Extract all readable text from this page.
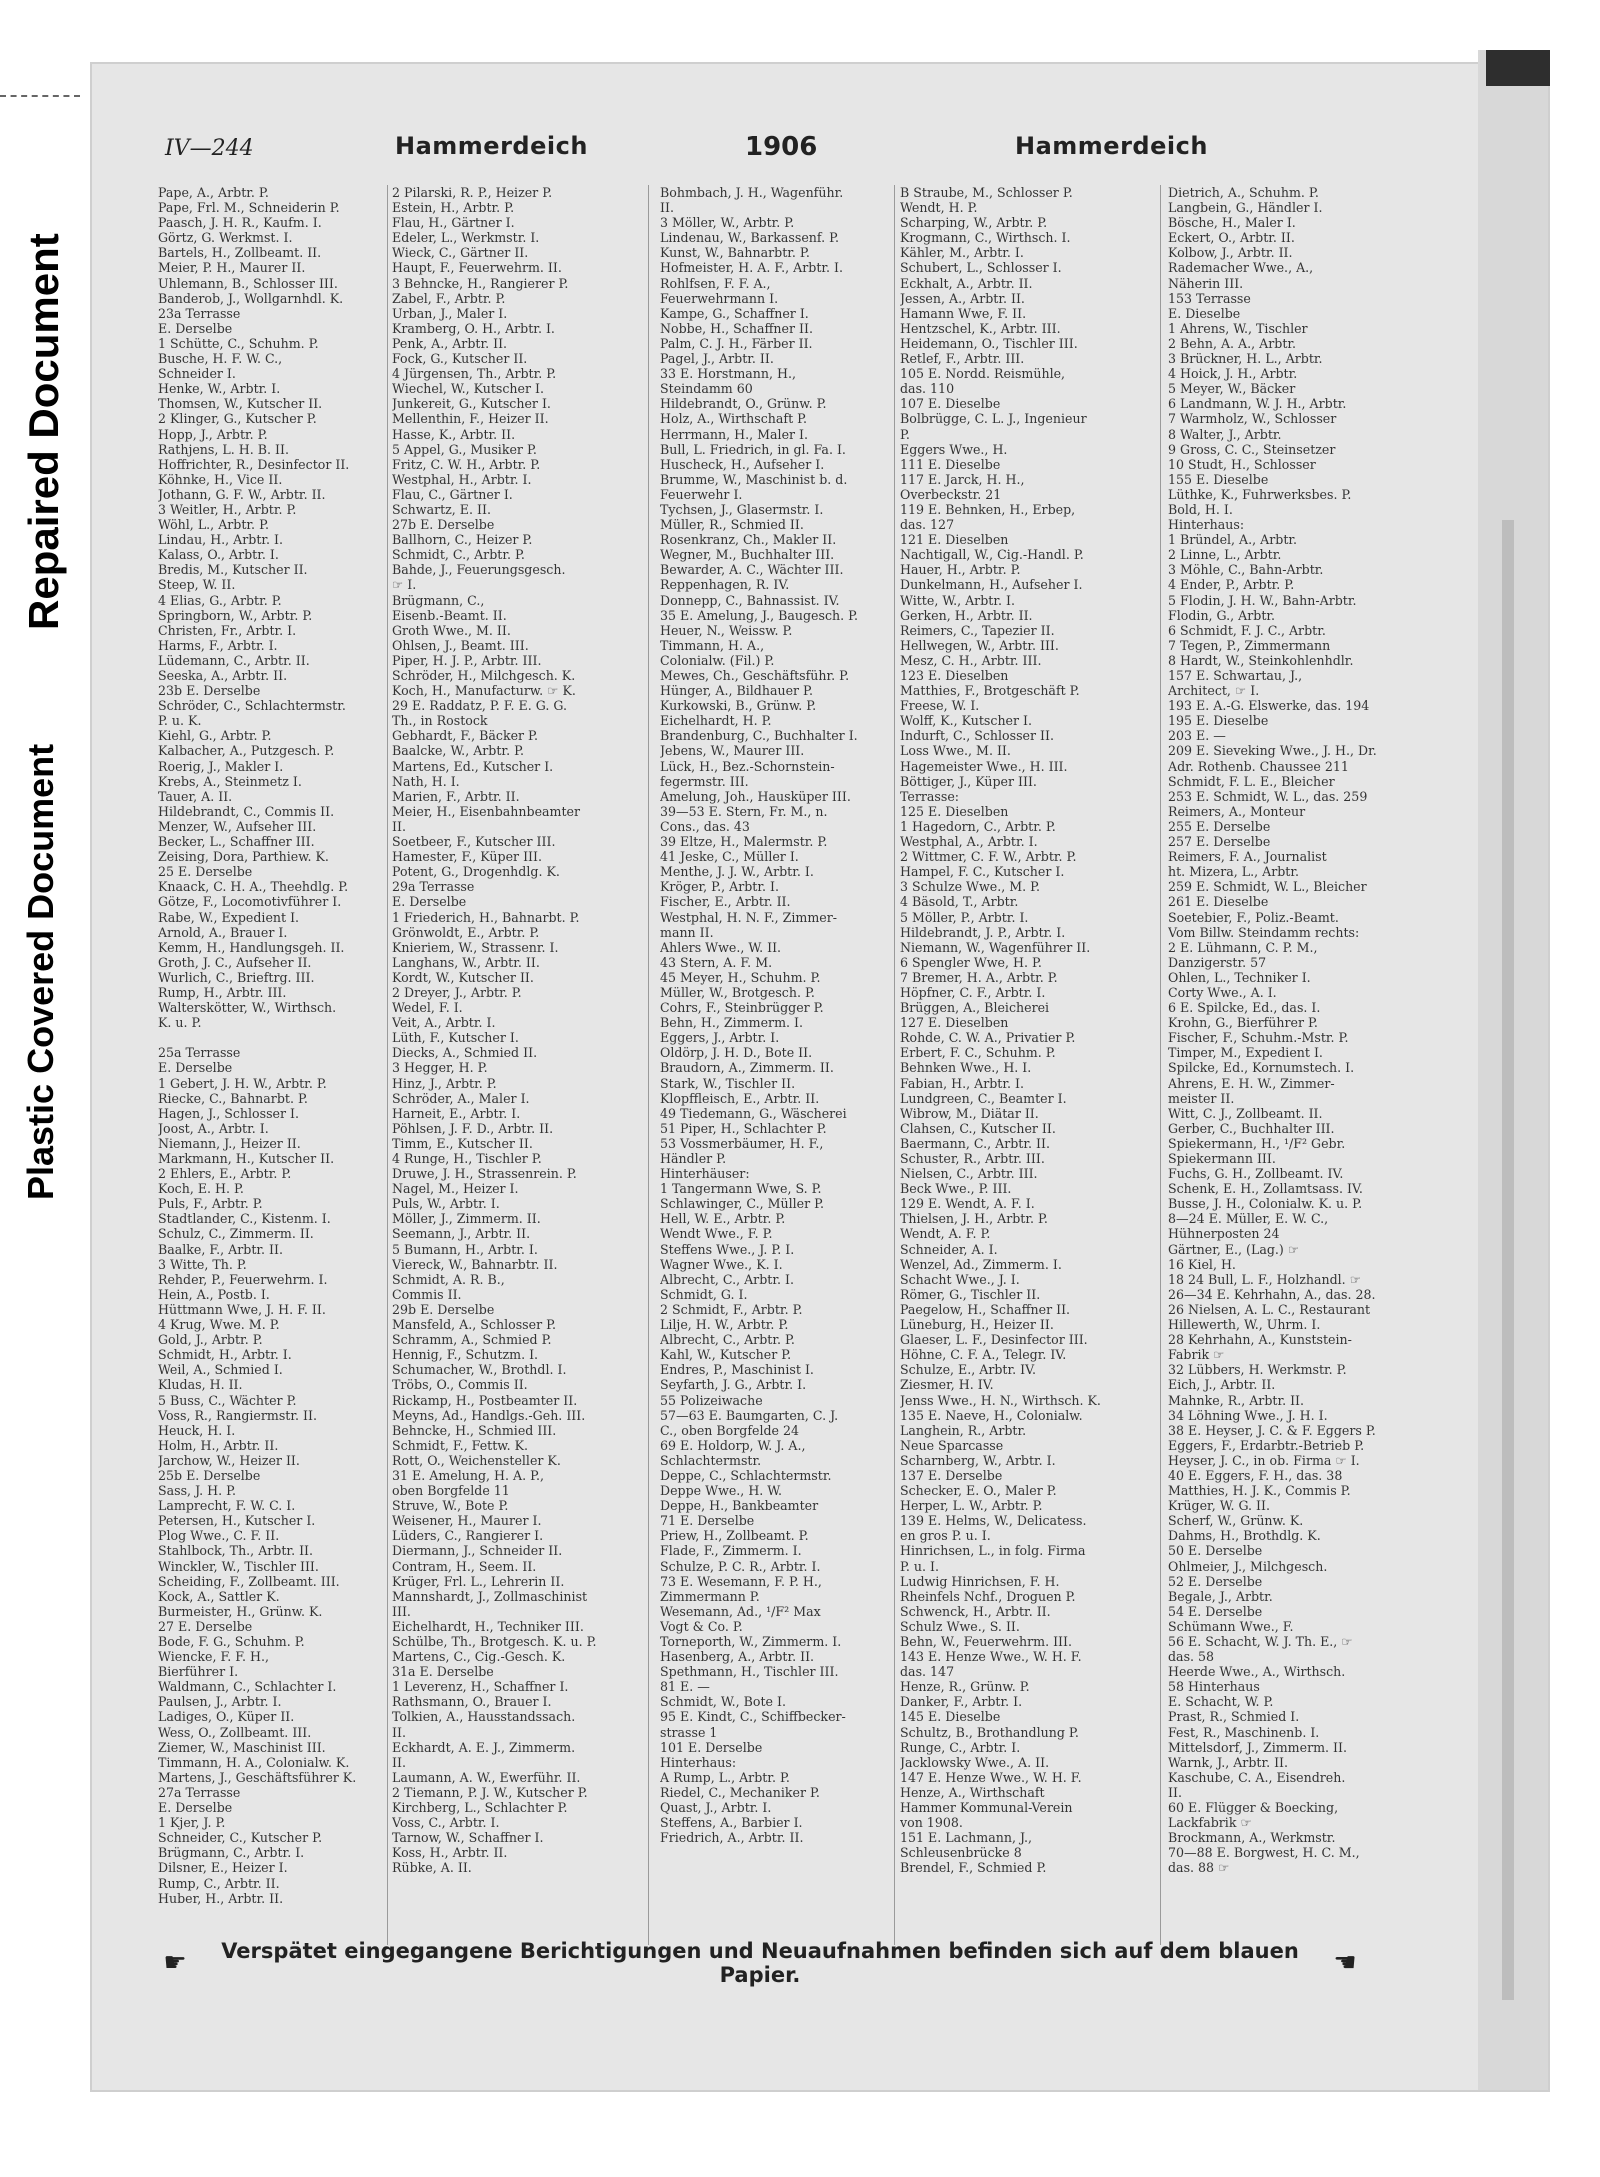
Repaired Document
Plastic Covered Document
IV—244	Hammerdeich	1906	Hammerdeich
Pape, A., Arbtr. P.
Pape, Frl. M., Schneiderin P.
Paasch, J. H. R., Kaufm. I.
Görtz, G. Werkmst. I.
Bartels, H., Zollbeamt. II.
Meier, P. H., Maurer II.
Uhlemann, B., Schlosser III.
Banderob, J., Wollgarnhdl. K.
23a Terrasse
E. Derselbe
1 Schütte, C., Schuhm. P.
Busche, H. F. W. C.,
Schneider I.
Henke, W., Arbtr. I.
Thomsen, W., Kutscher II.
2 Klinger, G., Kutscher P.
Hopp, J., Arbtr. P.
Rathjens, L. H. B. II.
Hoffrichter, R., Desinfector II.
Köhnke, H., Vice II.
Jothann, G. F. W., Arbtr. II.
3 Weitler, H., Arbtr. P.
Wöhl, L., Arbtr. P.
Lindau, H., Arbtr. I.
Kalass, O., Arbtr. I.
Bredis, M., Kutscher II.
Steep, W. II.
4 Elias, G., Arbtr. P.
Springborn, W., Arbtr. P.
Christen, Fr., Arbtr. I.
Harms, F., Arbtr. I.
Lüdemann, C., Arbtr. II.
Seeska, A., Arbtr. II.
23b E. Derselbe
Schröder, C., Schlachtermstr.
P. u. K.
Kiehl, G., Arbtr. P.
Kalbacher, A., Putzgesch. P.
Roerig, J., Makler I.
Krebs, A., Steinmetz I.
Tauer, A. II.
Hildebrandt, C., Commis II.
Menzer, W., Aufseher III.
Becker, L., Schaffner III.
Zeising, Dora, Parthiew. K.
25 E. Derselbe
Knaack, C. H. A., Theehdlg. P.
Götze, F., Locomotivführer I.
Rabe, W., Expedient I.
Arnold, A., Brauer I.
Kemm, H., Handlungsgeh. II.
Groth, J. C., Aufseher II.
Wurlich, C., Brieftrg. III.
Rump, H., Arbtr. III.
Walterskötter, W., Wirthsch.
K. u. P.

25a Terrasse
E. Derselbe
1 Gebert, J. H. W., Arbtr. P.
Riecke, C., Bahnarbt. P.
Hagen, J., Schlosser I.
Joost, A., Arbtr. I.
Niemann, J., Heizer II.
Markmann, H., Kutscher II.
2 Ehlers, E., Arbtr. P.
Koch, E. H. P.
Puls, F., Arbtr. P.
Stadtlander, C., Kistenm. I.
Schulz, C., Zimmerm. II.
Baalke, F., Arbtr. II.
3 Witte, Th. P.
Rehder, P., Feuerwehrm. I.
Hein, A., Postb. I.
Hüttmann Wwe, J. H. F. II.
4 Krug, Wwe. M. P.
Gold, J., Arbtr. P.
Schmidt, H., Arbtr. I.
Weil, A., Schmied I.
Kludas, H. II.
5 Buss, C., Wächter P.
Voss, R., Rangiermstr. II.
Heuck, H. I.
Holm, H., Arbtr. II.
Jarchow, W., Heizer II.
25b E. Derselbe
Sass, J. H. P.
Lamprecht, F. W. C. I.
Petersen, H., Kutscher I.
Plog Wwe., C. F. II.
Stahlbock, Th., Arbtr. II.
Winckler, W., Tischler III.
Scheiding, F., Zollbeamt. III.
Kock, A., Sattler K.
Burmeister, H., Grünw. K.
27 E. Derselbe
Bode, F. G., Schuhm. P.
Wiencke, F. F. H.,
Bierführer I.
Waldmann, C., Schlachter I.
Paulsen, J., Arbtr. I.
Ladiges, O., Küper II.
Wess, O., Zollbeamt. III.
Ziemer, W., Maschinist III.
Timmann, H. A., Colonialw. K.
Martens, J., Geschäftsführer K.
27a Terrasse
E. Derselbe
1 Kjer, J. P.
Schneider, C., Kutscher P.
Brügmann, C., Arbtr. I.
Dilsner, E., Heizer I.
Rump, C., Arbtr. II.
Huber, H., Arbtr. II.
2 Pilarski, R. P., Heizer P.
Estein, H., Arbtr. P.
Flau, H., Gärtner I.
Edeler, L., Werkmstr. I.
Wieck, C., Gärtner II.
Haupt, F., Feuerwehrm. II.
3 Behncke, H., Rangierer P.
Zabel, F., Arbtr. P.
Urban, J., Maler I.
Kramberg, O. H., Arbtr. I.
Penk, A., Arbtr. II.
Fock, G., Kutscher II.
4 Jürgensen, Th., Arbtr. P.
Wiechel, W., Kutscher I.
Junkereit, G., Kutscher I.
Mellenthin, F., Heizer II.
Hasse, K., Arbtr. II.
5 Appel, G., Musiker P.
Fritz, C. W. H., Arbtr. P.
Westphal, H., Arbtr. I.
Flau, C., Gärtner I.
Schwartz, E. II.
27b E. Derselbe
Ballhorn, C., Heizer P.
Schmidt, C., Arbtr. P.
Bahde, J., Feuerungsgesch.
☞ I.
Brügmann, C.,
Eisenb.-Beamt. II.
Groth Wwe., M. II.
Ohlsen, J., Beamt. III.
Piper, H. J. P., Arbtr. III.
Schröder, H., Milchgesch. K.
Koch, H., Manufacturw. ☞ K.
29 E. Raddatz, P. F. E. G. G.
Th., in Rostock
Gebhardt, F., Bäcker P.
Baalcke, W., Arbtr. P.
Martens, Ed., Kutscher I.
Nath, H. I.
Marien, F., Arbtr. II.
Meier, H., Eisenbahnbeamter
II.
Soetbeer, F., Kutscher III.
Hamester, F., Küper III.
Potent, G., Drogenhdlg. K.
29a Terrasse
E. Derselbe
1 Friederich, H., Bahnarbt. P.
Grönwoldt, E., Arbtr. P.
Knieriem, W., Strassenr. I.
Langhans, W., Arbtr. II.
Kordt, W., Kutscher II.
2 Dreyer, J., Arbtr. P.
Wedel, F. I.
Veit, A., Arbtr. I.
Lüth, F., Kutscher I.
Diecks, A., Schmied II.
3 Hegger, H. P.
Hinz, J., Arbtr. P.
Schröder, A., Maler I.
Harneit, E., Arbtr. I.
Pöhlsen, J. F. D., Arbtr. II.
Timm, E., Kutscher II.
4 Runge, H., Tischler P.
Druwe, J. H., Strassenrein. P.
Nagel, M., Heizer I.
Puls, W., Arbtr. I.
Möller, J., Zimmerm. II.
Seemann, J., Arbtr. II.
5 Bumann, H., Arbtr. I.
Viereck, W., Bahnarbtr. II.
Schmidt, A. R. B.,
Commis II.
29b E. Derselbe
Mansfeld, A., Schlosser P.
Schramm, A., Schmied P.
Hennig, F., Schutzm. I.
Schumacher, W., Brothdl. I.
Tröbs, O., Commis II.
Rickamp, H., Postbeamter II.
Meyns, Ad., Handlgs.-Geh. III.
Behncke, H., Schmied III.
Schmidt, F., Fettw. K.
Rott, O., Weichensteller K.
31 E. Amelung, H. A. P.,
oben Borgfelde 11
Struve, W., Bote P.
Weisener, H., Maurer I.
Lüders, C., Rangierer I.
Diermann, J., Schneider II.
Contram, H., Seem. II.
Krüger, Frl. L., Lehrerin II.
Mannshardt, J., Zollmaschinist
III.
Eichelhardt, H., Techniker III.
Schülbe, Th., Brotgesch. K. u. P.
Martens, C., Cig.-Gesch. K.
31a E. Derselbe
1 Leverenz, H., Schaffner I.
Rathsmann, O., Brauer I.
Tolkien, A., Hausstandssach.
II.
Eckhardt, A. E. J., Zimmerm.
II.
Laumann, A. W., Ewerführ. II.
2 Tiemann, P. J. W., Kutscher P.
Kirchberg, L., Schlachter P.
Voss, C., Arbtr. I.
Tarnow, W., Schaffner I.
Koss, H., Arbtr. II.
Rübke, A. II.
Bohmbach, J. H., Wagenführ.
II.
3 Möller, W., Arbtr. P.
Lindenau, W., Barkassenf. P.
Kunst, W., Bahnarbtr. P.
Hofmeister, H. A. F., Arbtr. I.
Rohlfsen, F. F. A.,
Feuerwehrmann I.
Kampe, G., Schaffner I.
Nobbe, H., Schaffner II.
Palm, C. J. H., Färber II.
Pagel, J., Arbtr. II.
33 E. Horstmann, H.,
Steindamm 60
Hildebrandt, O., Grünw. P.
Holz, A., Wirthschaft P.
Herrmann, H., Maler I.
Bull, L. Friedrich, in gl. Fa. I.
Huscheck, H., Aufseher I.
Brumme, W., Maschinist b. d.
Feuerwehr I.
Tychsen, J., Glasermstr. I.
Müller, R., Schmied II.
Rosenkranz, Ch., Makler II.
Wegner, M., Buchhalter III.
Bewarder, A. C., Wächter III.
Reppenhagen, R. IV.
Donnepp, C., Bahnassist. IV.
35 E. Amelung, J., Baugesch. P.
Heuer, N., Weissw. P.
Timmann, H. A.,
Colonialw. (Fil.) P.
Mewes, Ch., Geschäftsführ. P.
Hünger, A., Bildhauer P.
Kurkowski, B., Grünw. P.
Eichelhardt, H. P.
Brandenburg, C., Buchhalter I.
Jebens, W., Maurer III.
Lück, H., Bez.-Schornstein-
fegermstr. III.
Amelung, Joh., Hausküper III.
39—53 E. Stern, Fr. M., n.
Cons., das. 43
39 Eltze, H., Malermstr. P.
41 Jeske, C., Müller I.
Menthe, J. J. W., Arbtr. I.
Kröger, P., Arbtr. I.
Fischer, E., Arbtr. II.
Westphal, H. N. F., Zimmer-
mann II.
Ahlers Wwe., W. II.
43 Stern, A. F. M.
45 Meyer, H., Schuhm. P.
Müller, W., Brotgesch. P.
Cohrs, F., Steinbrügger P.
Behn, H., Zimmerm. I.
Eggers, J., Arbtr. I.
Oldörp, J. H. D., Bote II.
Braudorn, A., Zimmerm. II.
Stark, W., Tischler II.
Klopffleisch, E., Arbtr. II.
49 Tiedemann, G., Wäscherei
51 Piper, H., Schlachter P.
53 Vossmerbäumer, H. F.,
Händler P.
Hinterhäuser:
1 Tangermann Wwe, S. P.
Schlawinger, C., Müller P.
Hell, W. E., Arbtr. P.
Wendt Wwe., F. P.
Steffens Wwe., J. P. I.
Wagner Wwe., K. I.
Albrecht, C., Arbtr. I.
Schmidt, G. I.
2 Schmidt, F., Arbtr. P.
Lilje, H. W., Arbtr. P.
Albrecht, C., Arbtr. P.
Kahl, W., Kutscher P.
Endres, P., Maschinist I.
Seyfarth, J. G., Arbtr. I.
55 Polizeiwache
57—63 E. Baumgarten, C. J.
C., oben Borgfelde 24
69 E. Holdorp, W. J. A.,
Schlachtermstr.
Deppe, C., Schlachtermstr.
Deppe Wwe., H. W.
Deppe, H., Bankbeamter
71 E. Derselbe
Priew, H., Zollbeamt. P.
Flade, F., Zimmerm. I.
Schulze, P. C. R., Arbtr. I.
73 E. Wesemann, F. P. H.,
Zimmermann P.
Wesemann, Ad., ¹/F² Max
Vogt & Co. P.
Torneporth, W., Zimmerm. I.
Hasenberg, A., Arbtr. II.
Spethmann, H., Tischler III.
81 E. —
Schmidt, W., Bote I.
95 E. Kindt, C., Schiffbecker-
strasse 1
101 E. Derselbe
Hinterhaus:
A Rump, L., Arbtr. P.
Riedel, C., Mechaniker P.
Quast, J., Arbtr. I.
Steffens, A., Barbier I.
Friedrich, A., Arbtr. II.
B Straube, M., Schlosser P.
Wendt, H. P.
Scharping, W., Arbtr. P.
Krogmann, C., Wirthsch. I.
Kähler, M., Arbtr. I.
Schubert, L., Schlosser I.
Eckhalt, A., Arbtr. II.
Jessen, A., Arbtr. II.
Hamann Wwe, F. II.
Hentzschel, K., Arbtr. III.
Heidemann, O., Tischler III.
Retlef, F., Arbtr. III.
105 E. Nordd. Reismühle,
das. 110
107 E. Dieselbe
Bolbrügge, C. L. J., Ingenieur
P.
Eggers Wwe., H.
111 E. Dieselbe
117 E. Jarck, H. H.,
Overbeckstr. 21
119 E. Behnken, H., Erbep,
das. 127
121 E. Dieselben
Nachtigall, W., Cig.-Handl. P.
Hauer, H., Arbtr. P.
Dunkelmann, H., Aufseher I.
Witte, W., Arbtr. I.
Gerken, H., Arbtr. II.
Reimers, C., Tapezier II.
Hellwegen, W., Arbtr. III.
Mesz, C. H., Arbtr. III.
123 E. Dieselben
Matthies, F., Brotgeschäft P.
Freese, W. I.
Wolff, K., Kutscher I.
Indurft, C., Schlosser II.
Loss Wwe., M. II.
Hagemeister Wwe., H. III.
Böttiger, J., Küper III.
Terrasse:
125 E. Dieselben
1 Hagedorn, C., Arbtr. P.
Westphal, A., Arbtr. I.
2 Wittmer, C. F. W., Arbtr. P.
Hampel, F. C., Kutscher I.
3 Schulze Wwe., M. P.
4 Bäsold, T., Arbtr.
5 Möller, P., Arbtr. I.
Hildebrandt, J. P., Arbtr. I.
Niemann, W., Wagenführer II.
6 Spengler Wwe, H. P.
7 Bremer, H. A., Arbtr. P.
Höpfner, C. F., Arbtr. I.
Brüggen, A., Bleicherei
127 E. Dieselben
Rohde, C. W. A., Privatier P.
Erbert, F. C., Schuhm. P.
Behnken Wwe., H. I.
Fabian, H., Arbtr. I.
Lundgreen, C., Beamter I.
Wibrow, M., Diätar II.
Clahsen, C., Kutscher II.
Baermann, C., Arbtr. II.
Schuster, R., Arbtr. III.
Nielsen, C., Arbtr. III.
Beck Wwe., P. III.
129 E. Wendt, A. F. I.
Thielsen, J. H., Arbtr. P.
Wendt, A. F. P.
Schneider, A. I.
Wenzel, Ad., Zimmerm. I.
Schacht Wwe., J. I.
Römer, G., Tischler II.
Paegelow, H., Schaffner II.
Lüneburg, H., Heizer II.
Glaeser, L. F., Desinfector III.
Höhne, C. F. A., Telegr. IV.
Schulze, E., Arbtr. IV.
Ziesmer, H. IV.
Jenss Wwe., H. N., Wirthsch. K.
135 E. Naeve, H., Colonialw.
Langhein, R., Arbtr.
Neue Sparcasse
Scharnberg, W., Arbtr. I.
137 E. Derselbe
Schecker, E. O., Maler P.
Herper, L. W., Arbtr. P.
139 E. Helms, W., Delicatess.
en gros P. u. I.
Hinrichsen, L., in folg. Firma
P. u. I.
Ludwig Hinrichsen, F. H.
Rheinfels Nchf., Droguen P.
Schwenck, H., Arbtr. II.
Schulz Wwe., S. II.
Behn, W., Feuerwehrm. III.
143 E. Henze Wwe., W. H. F.
das. 147
Henze, R., Grünw. P.
Danker, F., Arbtr. I.
145 E. Dieselbe
Schultz, B., Brothandlung P.
Runge, C., Arbtr. I.
Jacklowsky Wwe., A. II.
147 E. Henze Wwe., W. H. F.
Henze, A., Wirthschaft
Hammer Kommunal-Verein
von 1908.
151 E. Lachmann, J.,
Schleusenbrücke 8
Brendel, F., Schmied P.
Dietrich, A., Schuhm. P.
Langbein, G., Händler I.
Bösche, H., Maler I.
Eckert, O., Arbtr. II.
Kolbow, J., Arbtr. II.
Rademacher Wwe., A.,
Näherin III.
153 Terrasse
E. Dieselbe
1 Ahrens, W., Tischler
2 Behn, A. A., Arbtr.
3 Brückner, H. L., Arbtr.
4 Hoick, J. H., Arbtr.
5 Meyer, W., Bäcker
6 Landmann, W. J. H., Arbtr.
7 Warmholz, W., Schlosser
8 Walter, J., Arbtr.
9 Gross, C. C., Steinsetzer
10 Studt, H., Schlosser
155 E. Dieselbe
Lüthke, K., Fuhrwerksbes. P.
Bold, H. I.
Hinterhaus:
1 Bründel, A., Arbtr.
2 Linne, L., Arbtr.
3 Möhle, C., Bahn-Arbtr.
4 Ender, P., Arbtr. P.
5 Flodin, J. H. W., Bahn-Arbtr.
Flodin, G., Arbtr.
6 Schmidt, F. J. C., Arbtr.
7 Tegen, P., Zimmermann
8 Hardt, W., Steinkohlenhdlr.
157 E. Schwartau, J.,
Architect, ☞ I.
193 E. A.-G. Elswerke, das. 194
195 E. Dieselbe
203 E. —
209 E. Sieveking Wwe., J. H., Dr.
Adr. Rothenb. Chaussee 211
Schmidt, F. L. E., Bleicher
253 E. Schmidt, W. L., das. 259
Reimers, A., Monteur
255 E. Derselbe
257 E. Derselbe
Reimers, F. A., Journalist
ht. Mizera, L., Arbtr.
259 E. Schmidt, W. L., Bleicher
261 E. Dieselbe
Soetebier, F., Poliz.-Beamt.
Vom Billw. Steindamm rechts:
2 E. Lühmann, C. P. M.,
Danzigerstr. 57
Ohlen, L., Techniker I.
Corty Wwe., A. I.
6 E. Spilcke, Ed., das. I.
Krohn, G., Bierführer P.
Fischer, F., Schuhm.-Mstr. P.
Timper, M., Expedient I.
Spilcke, Ed., Kornumstech. I.
Ahrens, E. H. W., Zimmer-
meister II.
Witt, C. J., Zollbeamt. II.
Gerber, C., Buchhalter III.
Spiekermann, H., ¹/F² Gebr.
Spiekermann III.
Fuchs, G. H., Zollbeamt. IV.
Schenk, E. H., Zollamtsass. IV.
Busse, J. H., Colonialw. K. u. P.
8—24 E. Müller, E. W. C.,
Hühnerposten 24
Gärtner, E., (Lag.) ☞
16 Kiel, H.
18 24 Bull, L. F., Holzhandl. ☞
26—34 E. Kehrhahn, A., das. 28.
26 Nielsen, A. L. C., Restaurant
Hillewerth, W., Uhrm. I.
28 Kehrhahn, A., Kunststein-
Fabrik ☞
32 Lübbers, H. Werkmstr. P.
Eich, J., Arbtr. II.
Mahnke, R., Arbtr. II.
34 Löhning Wwe., J. H. I.
38 E. Heyser, J. C. & F. Eggers P.
Eggers, F., Erdarbtr.-Betrieb P.
Heyser, J. C., in ob. Firma ☞ I.
40 E. Eggers, F. H., das. 38
Matthies, H. J. K., Commis P.
Krüger, W. G. II.
Scherf, W., Grünw. K.
Dahms, H., Brothdlg. K.
50 E. Derselbe
Ohlmeier, J., Milchgesch.
52 E. Derselbe
Begale, J., Arbtr.
54 E. Derselbe
Schümann Wwe., F.
56 E. Schacht, W. J. Th. E., ☞
das. 58
Heerde Wwe., A., Wirthsch.
58 Hinterhaus
E. Schacht, W. P.
Prast, R., Schmied I.
Fest, R., Maschinenb. I.
Mittelsdorf, J., Zimmerm. II.
Warnk, J., Arbtr. II.
Kaschube, C. A., Eisendreh.
II.
60 E. Flügger & Boecking,
Lackfabrik ☞
Brockmann, A., Werkmstr.
70—88 E. Borgwest, H. C. M.,
das. 88 ☞
☛	Verspätet eingegangene Berichtigungen und Neuaufnahmen befinden sich auf dem blauen Papier.	☚
